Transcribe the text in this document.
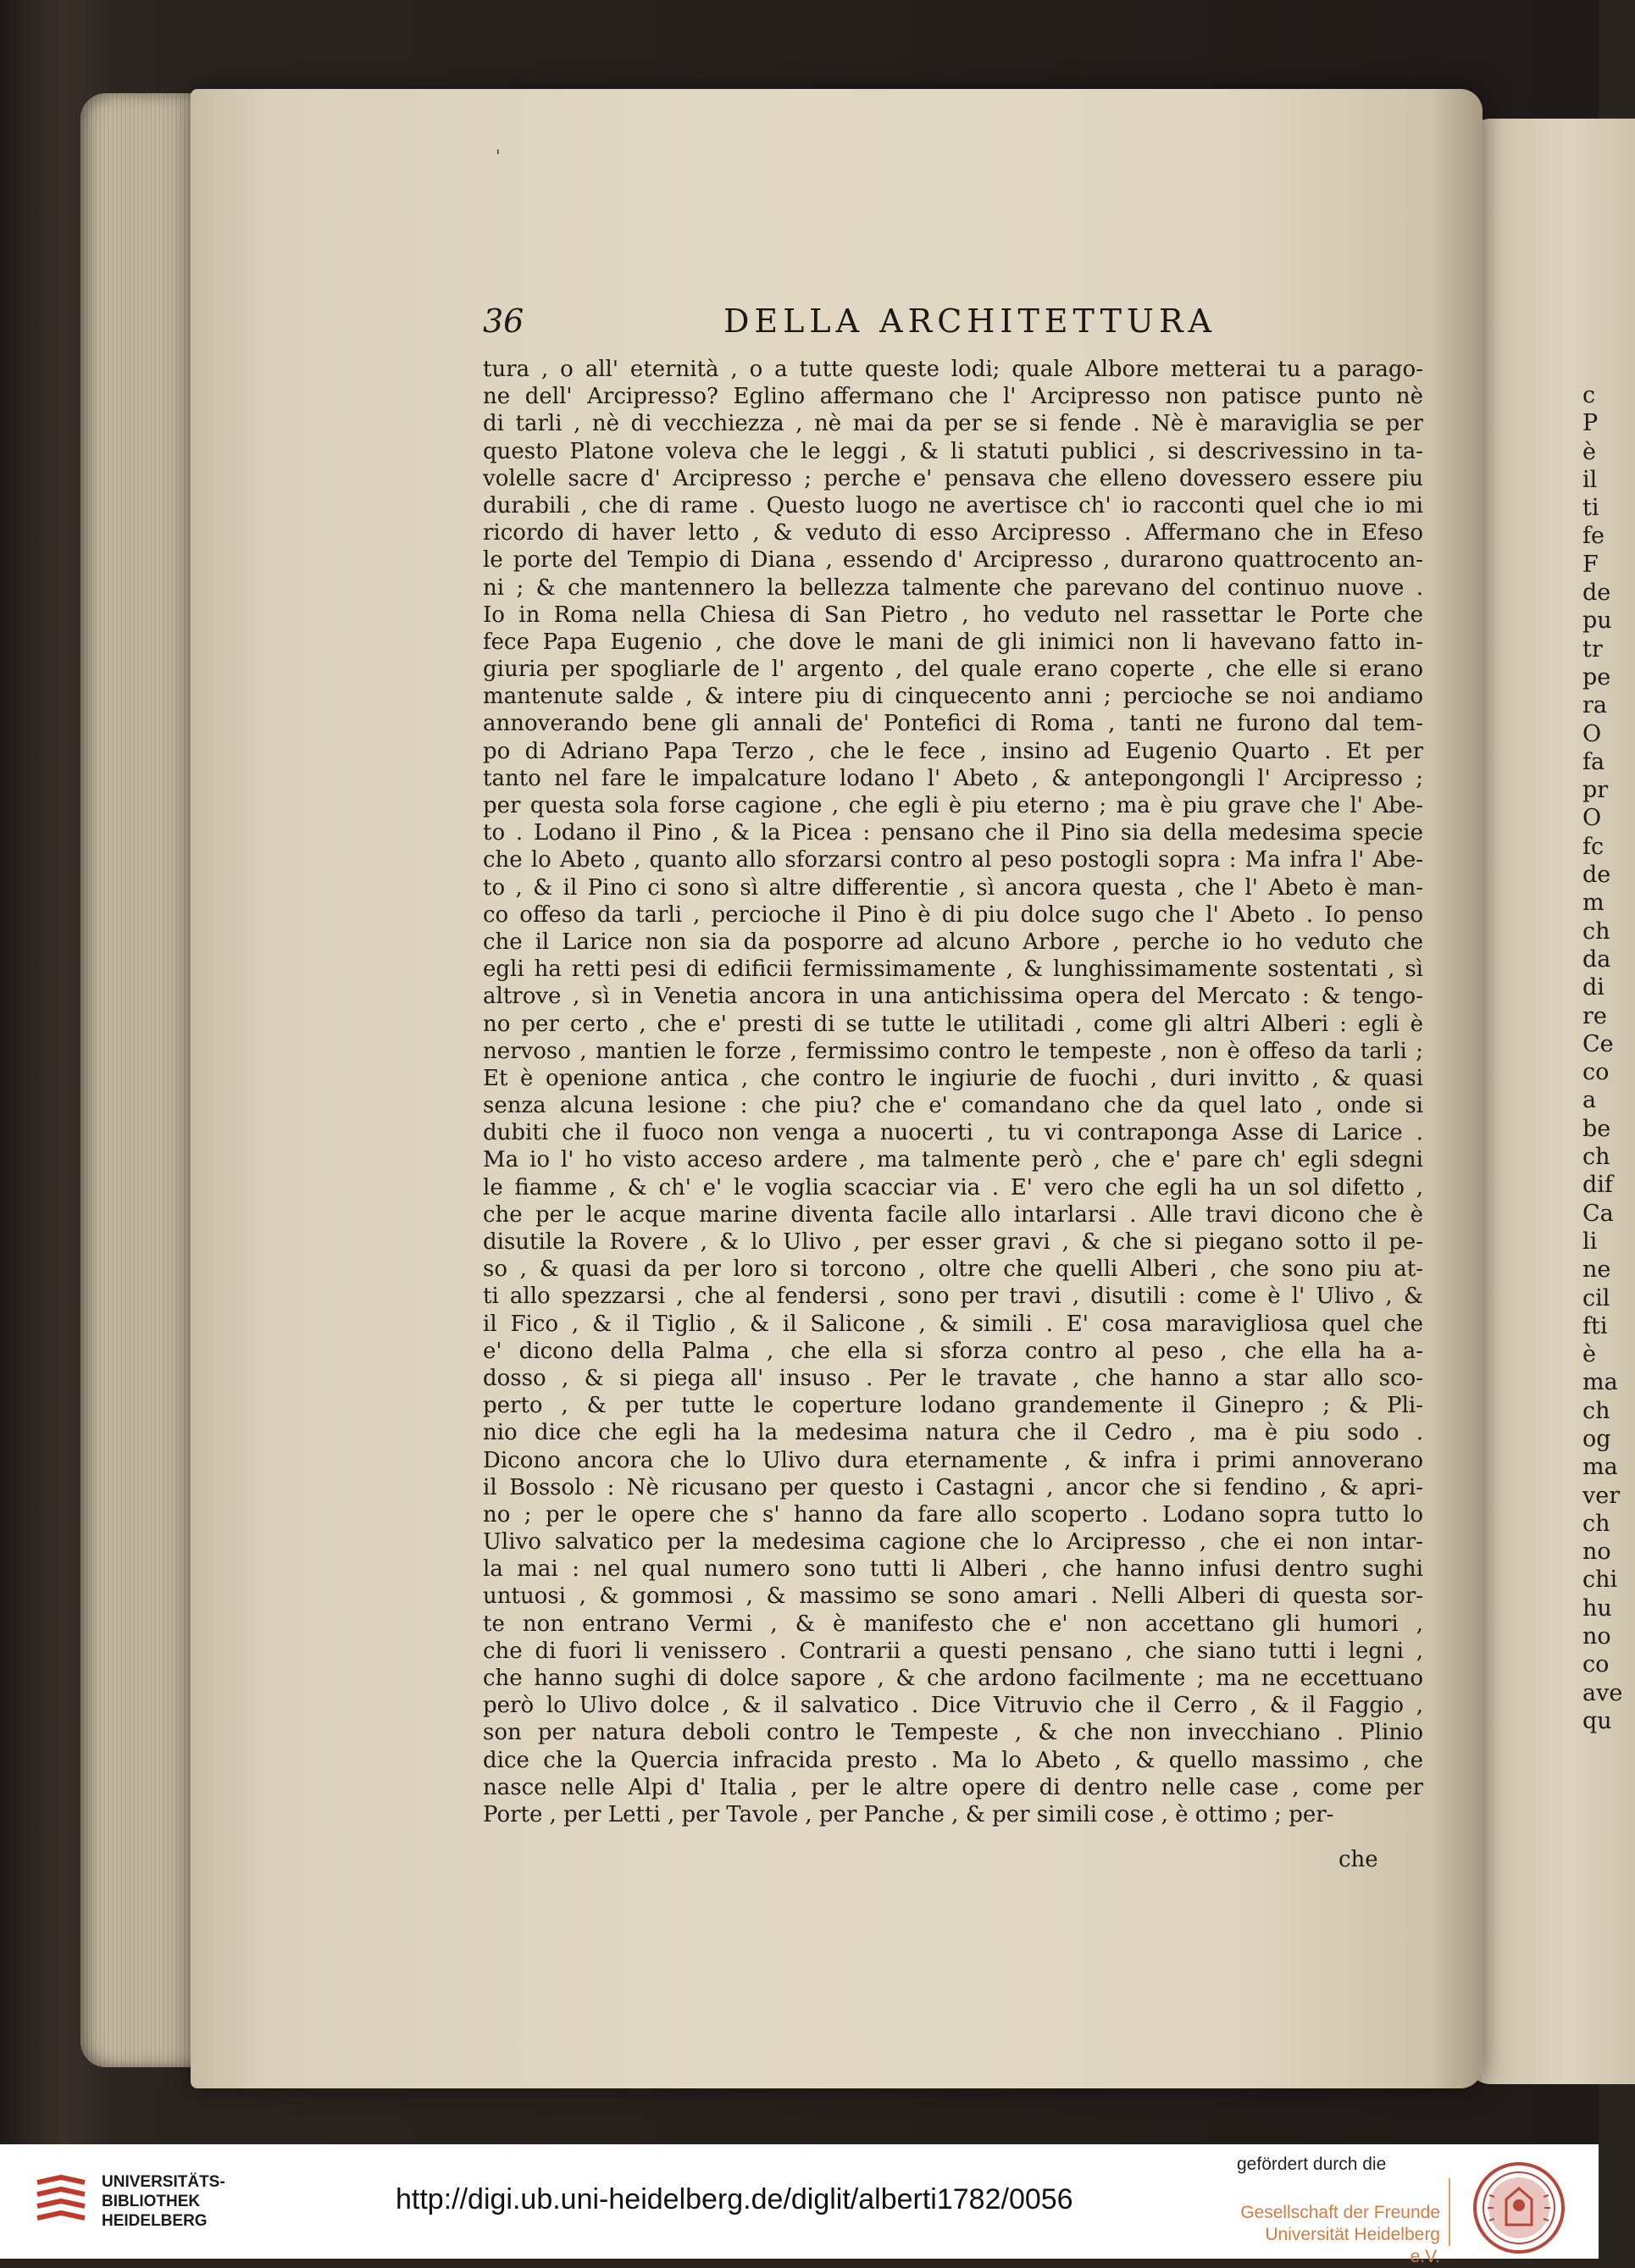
c
P
è
il
ti
fe
F
de
pu
tr
pe
ra
O
fa
pr
O
fc
de
m
ch
da
di
re
Ce
co
a
be
ch
dif
Ca
li
ne
cil
fti
è
ma
ch
og
ma
ver
ch
no
chi
hu
no
co
ave
qu
'
36	DELLA ARCHITETTURA
tura , o all' eternità , o a tutte queste lodi; quale Albore metterai tu a parago-
ne dell' Arcipresso? Eglino affermano che l' Arcipresso non patisce punto nè
di tarli , nè di vecchiezza , nè mai da per se si fende . Nè è maraviglia se per
questo Platone voleva che le leggi , & li statuti publici , si descrivessino in ta-
volelle sacre d' Arcipresso ; perche e' pensava che elleno dovessero essere piu
durabili , che di rame . Questo luogo ne avertisce ch' io racconti quel che io mi
ricordo di haver letto , & veduto di esso Arcipresso . Affermano che in Efeso
le porte del Tempio di Diana , essendo d' Arcipresso , durarono quattrocento an-
ni ; & che mantennero la bellezza talmente che parevano del continuo nuove .
Io in Roma nella Chiesa di San Pietro , ho veduto nel rassettar le Porte che
fece Papa Eugenio , che dove le mani de gli inimici non li havevano fatto in-
giuria per spogliarle de l' argento , del quale erano coperte , che elle si erano
mantenute salde , & intere piu di cinquecento anni ; percioche se noi andiamo
annoverando bene gli annali de' Pontefici di Roma , tanti ne furono dal tem-
po di Adriano Papa Terzo , che le fece , insino ad Eugenio Quarto . Et per
tanto nel fare le impalcature lodano l' Abeto , & antepongongli l' Arcipresso ;
per questa sola forse cagione , che egli è piu eterno ; ma è piu grave che l' Abe-
to . Lodano il Pino , & la Picea : pensano che il Pino sia della medesima specie
che lo Abeto , quanto allo sforzarsi contro al peso postogli sopra : Ma infra l' Abe-
to , & il Pino ci sono sì altre differentie , sì ancora questa , che l' Abeto è man-
co offeso da tarli , percioche il Pino è di piu dolce sugo che l' Abeto . Io penso
che il Larice non sia da posporre ad alcuno Arbore , perche io ho veduto che
egli ha retti pesi di edificii fermissimamente , & lunghissimamente sostentati , sì
altrove , sì in Venetia ancora in una antichissima opera del Mercato : & tengo-
no per certo , che e' presti di se tutte le utilitadi , come gli altri Alberi : egli è
nervoso , mantien le forze , fermissimo contro le tempeste , non è offeso da tarli ;
Et è openione antica , che contro le ingiurie de fuochi , duri invitto , & quasi
senza alcuna lesione : che piu? che e' comandano che da quel lato , onde si
dubiti che il fuoco non venga a nuocerti , tu vi contraponga Asse di Larice .
Ma io l' ho visto acceso ardere , ma talmente però , che e' pare ch' egli sdegni
le fiamme , & ch' e' le voglia scacciar via . E' vero che egli ha un sol difetto ,
che per le acque marine diventa facile allo intarlarsi . Alle travi dicono che è
disutile la Rovere , & lo Ulivo , per esser gravi , & che si piegano sotto il pe-
so , & quasi da per loro si torcono , oltre che quelli Alberi , che sono piu at-
ti allo spezzarsi , che al fendersi , sono per travi , disutili : come è l' Ulivo , &
il Fico , & il Tiglio , & il Salicone , & simili . E' cosa maravigliosa quel che
e' dicono della Palma , che ella si sforza contro al peso , che ella ha a-
dosso , & si piega all' insuso . Per le travate , che hanno a star allo sco-
perto , & per tutte le coperture lodano grandemente il Ginepro ; & Pli-
nio dice che egli ha la medesima natura che il Cedro , ma è piu sodo .
Dicono ancora che lo Ulivo dura eternamente , & infra i primi annoverano
il Bossolo : Nè ricusano per questo i Castagni , ancor che si fendino , & apri-
no ; per le opere che s' hanno da fare allo scoperto . Lodano sopra tutto lo
Ulivo salvatico per la medesima cagione che lo Arcipresso , che ei non intar-
la mai : nel qual numero sono tutti li Alberi , che hanno infusi dentro sughi
untuosi , & gommosi , & massimo se sono amari . Nelli Alberi di questa sor-
te non entrano Vermi , & è manifesto che e' non accettano gli humori ,
che di fuori li venissero . Contrarii a questi pensano , che siano tutti i legni ,
che hanno sughi di dolce sapore , & che ardono facilmente ; ma ne eccettuano
però lo Ulivo dolce , & il salvatico . Dice Vitruvio che il Cerro , & il Faggio ,
son per natura deboli contro le Tempeste , & che non invecchiano . Plinio
dice che la Quercia infracida presto . Ma lo Abeto , & quello massimo , che
nasce nelle Alpi d' Italia , per le altre opere di dentro nelle case , come per
Porte , per Letti , per Tavole , per Panche , & per simili cose , è ottimo ; per-
che
UNIVERSITÄTS-
BIBLIOTHEK
HEIDELBERG
http://digi.ub.uni-heidelberg.de/diglit/alberti1782/0056
gefördert durch die
Gesellschaft der Freunde
Universität Heidelberg e.V.
